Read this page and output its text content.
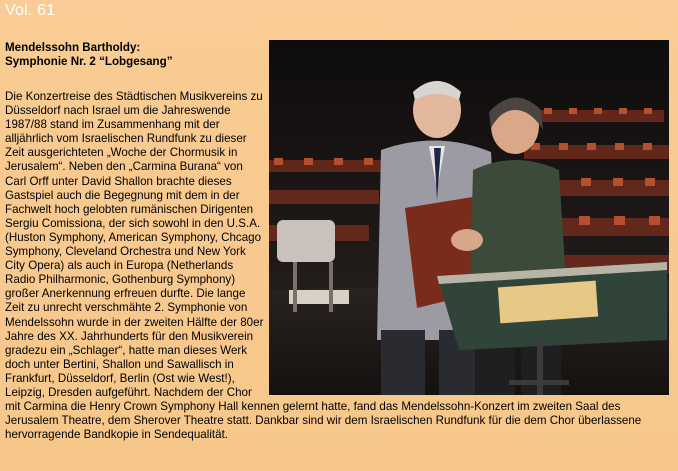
Vol. 61
Mendelssohn Bartholdy:
Symphonie Nr. 2 “Lobgesang”

Die Konzertreise des Städtischen Musikvereins zu Düsseldorf nach Israel um die Jahreswende 1987/88 stand im Zusammenhang mit der alljährlich vom Israelischen Rundfunk zu dieser Zeit ausgerichteten „Woche der Chormusik in Jerusalem“. Neben den „Carmina Burana“ von Carl Orff unter David Shallon brachte dieses Gastspiel auch die Begegnung mit dem in der Fachwelt hoch gelobten rumänischen Dirigenten Sergiu Comissiona, der sich sowohl in den U.S.A. (Huston Symphony, American Symphony, Chcago Symphony, Cleveland Orchestra und New York City Opera) als auch in Europa (Netherlands Radio Philharmonic, Gothenburg Symphony) großer Anerkennung erfreuen durfte. Die lange Zeit zu unrecht verschmähte 2. Symphonie von Mendelssohn wurde in der zweiten Hälfte der 80er Jahre des XX. Jahrhunderts für den Musikverein gradezu ein „Schlager“, hatte man dieses Werk doch unter Bertini, Shallon und Sawallisch in Frankfurt, Düsseldorf, Berlin (Ost wie West!), Leipzig, Dresden aufgeführt. Nachdem der Chor mit Carmina die Henry Crown Symphony Hall kennen gelernt hatte, fand das Mendelssohn-Konzert im zweiten Saal des Jerusalem Theatre, dem Sherover Theatre statt. Dankbar sind wir dem Israelischen Rundfunk für die dem Chor überlassene hervorragende Bandkopie in Sendequalität.
